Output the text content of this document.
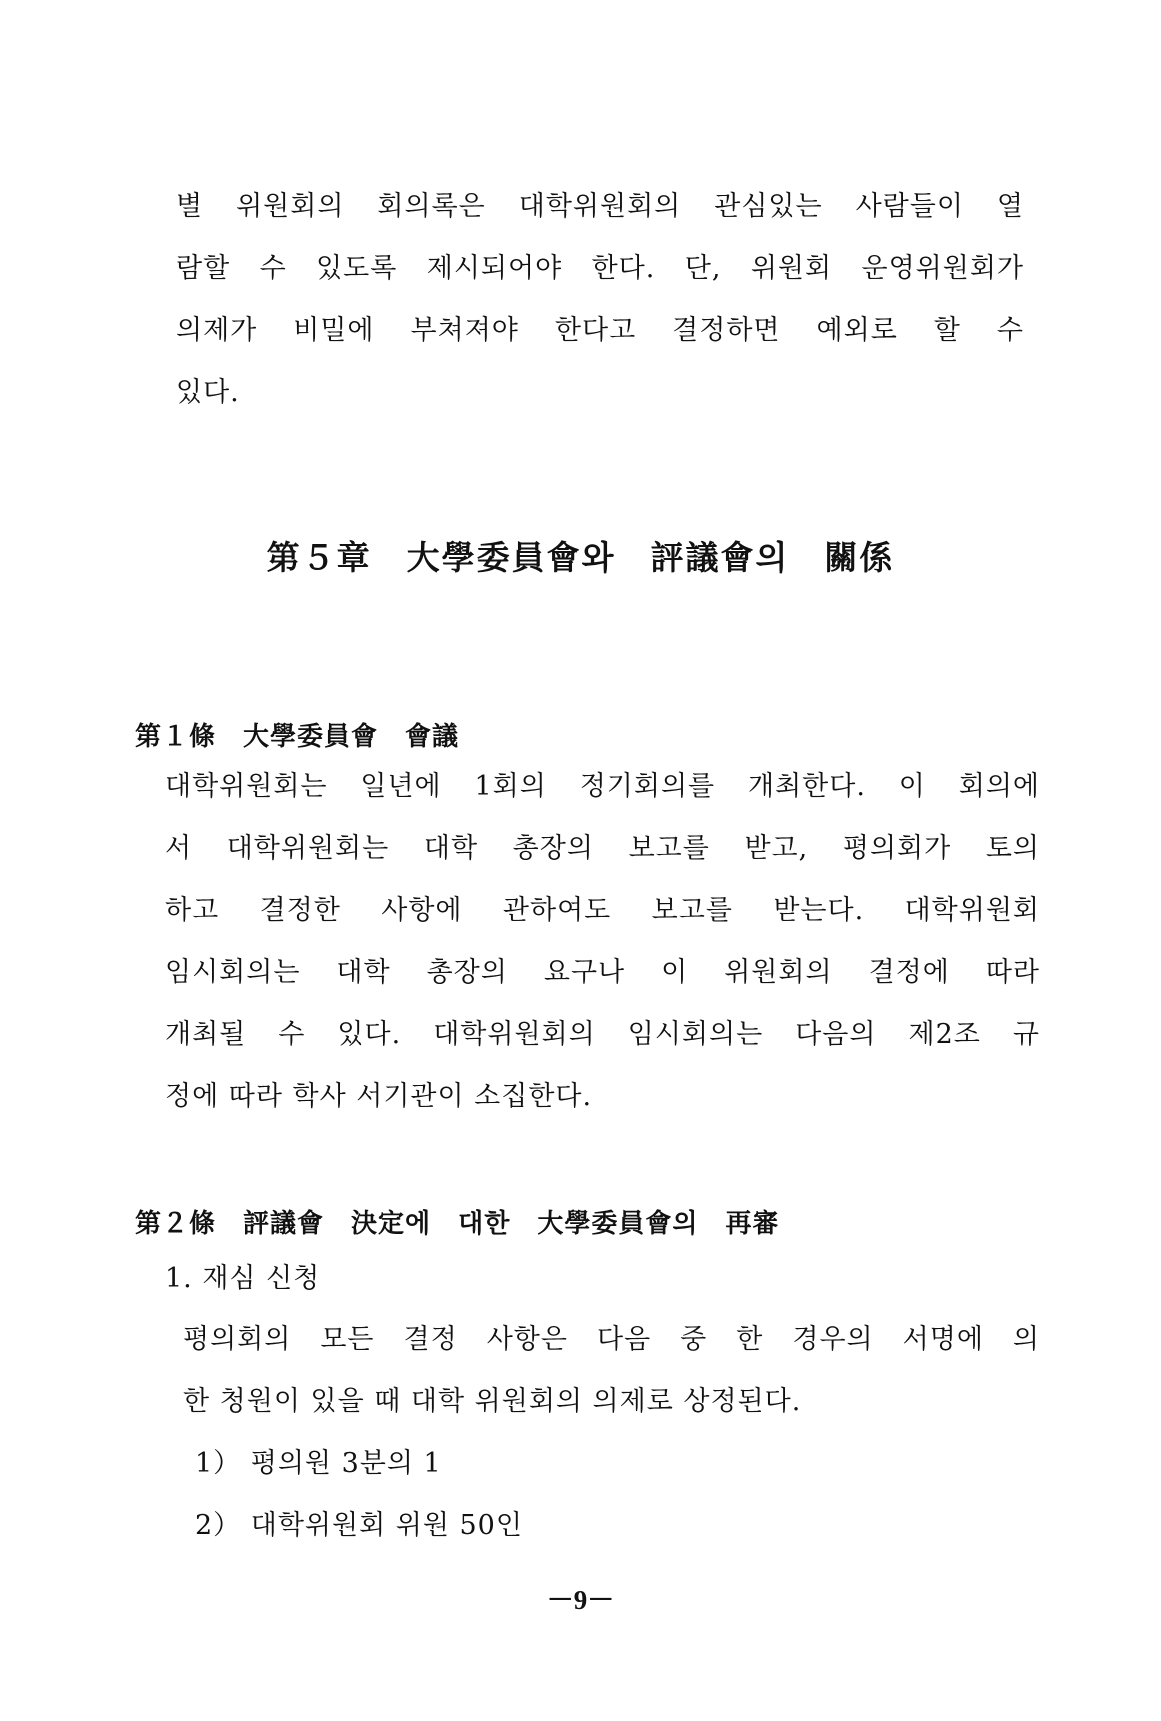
별 위원회의 회의록은 대학위원회의 관심있는 사람들이 열
람할 수 있도록 제시되어야 한다. 단, 위원회 운영위원회가
의제가 비밀에 부쳐져야 한다고 결정하면 예외로 할 수
있다.
第５章　大學委員會와　評議會의　關係
第１條　大學委員會　會議
대학위원회는 일년에 1회의 정기회의를 개최한다. 이 회의에
서 대학위원회는 대학 총장의 보고를 받고, 평의회가 토의
하고 결정한 사항에 관하여도 보고를 받는다. 대학위원회
임시회의는 대학 총장의 요구나 이 위원회의 결정에 따라
개최될 수 있다. 대학위원회의 임시회의는 다음의 제2조 규
정에 따라 학사 서기관이 소집한다.
第２條　評議會　決定에　대한　大學委員會의　再審
1. 재심 신청
평의회의 모든 결정 사항은 다음 중 한 경우의 서명에 의
한 청원이 있을 때 대학 위원회의 의제로 상정된다.
1） 평의원 3분의 1
2） 대학위원회 위원 50인
－9－
